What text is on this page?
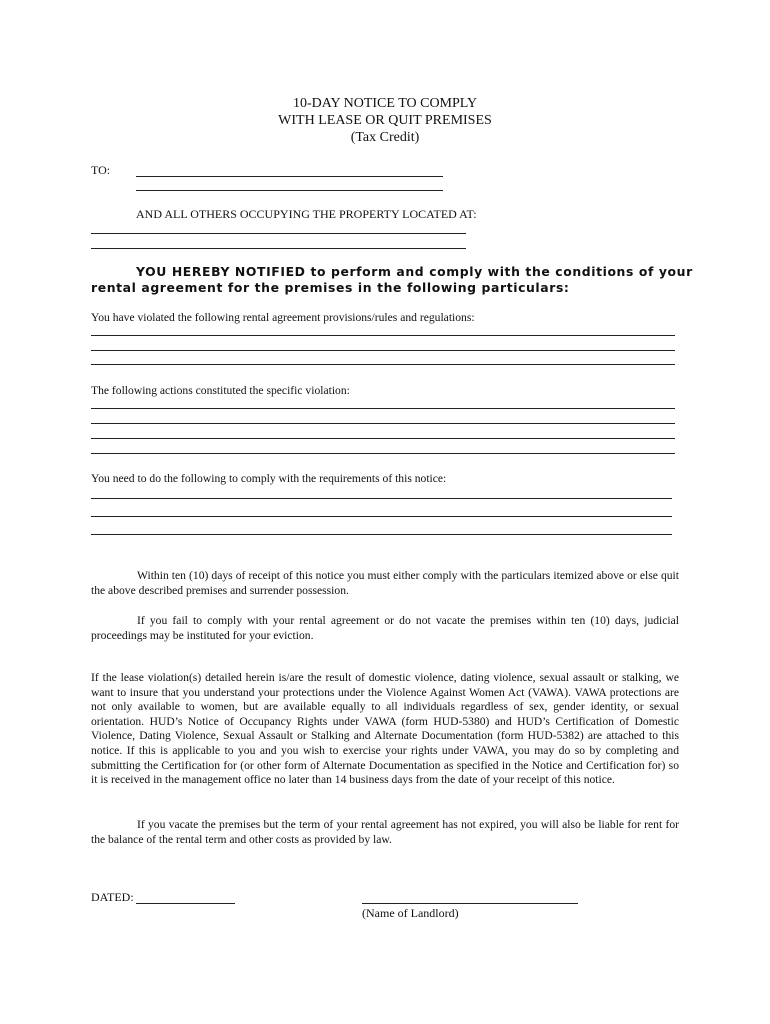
10-DAY NOTICE TO COMPLY
WITH LEASE OR QUIT PREMISES
(Tax Credit)
TO:
AND ALL OTHERS OCCUPYING THE PROPERTY LOCATED AT:
YOU HEREBY NOTIFIED to perform and comply with the conditions of your
rental agreement for the premises in the following particulars:
You have violated the following rental agreement provisions/rules and regulations:
The following actions constituted the specific violation:
You need to do the following to comply with the requirements of this notice:
Within ten (10) days of receipt of this notice you must either comply with the particulars itemized above or else quit the above described premises and surrender possession.
If you fail to comply with your rental agreement or do not vacate the premises within ten (10) days, judicial proceedings may be instituted for your eviction.
If the lease violation(s) detailed herein is/are the result of domestic violence, dating violence, sexual assault or stalking, we want to insure that you understand your protections under the Violence Against Women Act (VAWA). VAWA protections are not only available to women, but are available equally to all individuals regardless of sex, gender identity, or sexual orientation. HUD’s Notice of Occupancy Rights under VAWA (form HUD-5380) and HUD’s Certification of Domestic Violence, Dating Violence, Sexual Assault or Stalking and Alternate Documentation (form HUD-5382) are attached to this notice. If this is applicable to you and you wish to exercise your rights under VAWA, you may do so by completing and submitting the Certification for (or other form of Alternate Documentation as specified in the Notice and Certification for) so it is received in the management office no later than 14 business days from the date of your receipt of this notice.
If you vacate the premises but the term of your rental agreement has not expired, you will also be liable for rent for the balance of the rental term and other costs as provided by law.
DATED:
(Name of Landlord)
